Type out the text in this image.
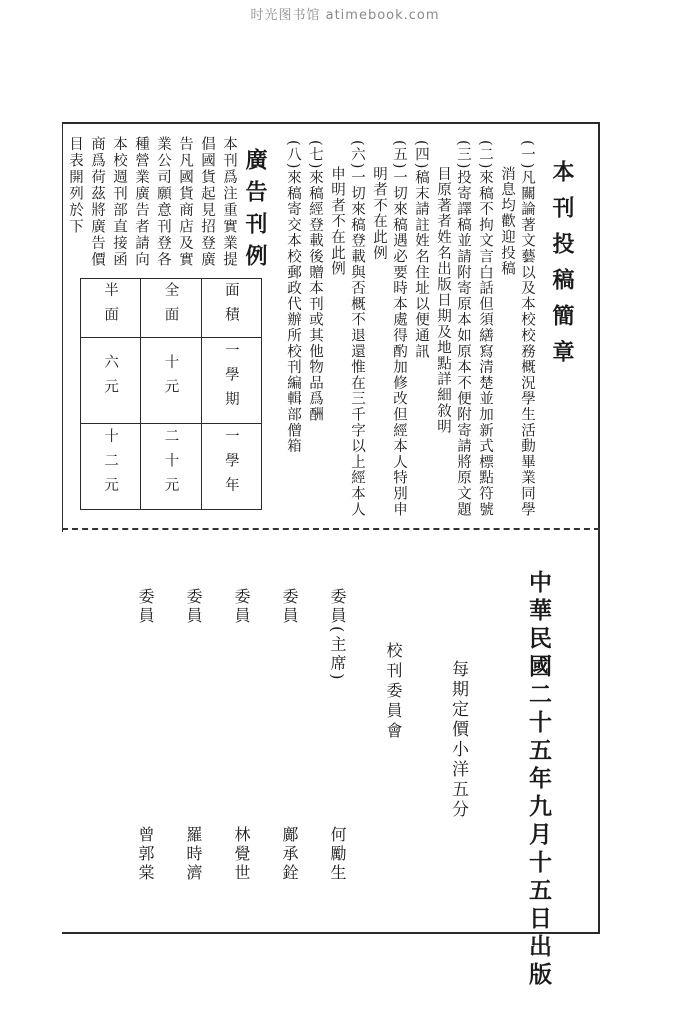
时光图书馆 atimebook.com
本刊投稿簡章
(一)凡關論著文藝以及本校校務概況學生活動畢業同學
消息均歡迎投稿
(二)來稿不拘文言白話但須繕寫清楚並加新式標點符號
(三)投寄譯稿並請附寄原本如原本不便附寄請將原文題
目原著者姓名出版日期及地點詳細敘明
(四)稿末請註姓名住址以便通訊
(五)一切來稿遇必要時本處得酌加修改但經本人特別申
明者不在此例
(六)一切來稿登載與否概不退還惟在三千字以上經本人
申明者不在此例
(七)來稿經登載後贈本刊或其他物品爲酬
(八)來稿寄交本校郵政代辦所校刊編輯部僧箱
廣告刊例
本刊爲注重實業提
倡國貨起見招登廣
告凡國貨商店及實
業公司願意刊登各
種營業廣告者請向
本校週刊部直接函
商爲荷茲將廣告價
目表開列於下
半面	全面	面積
六元	十元	一學期
十二元	二十元	一學年
中華民國二十五年九月十五日出版
每期定價小洋五分
校刊委員會
委員(主席)
何勵生
委員
鄺承銓
委員
林覺世
委員
羅時濟
委員
曾郭棠
